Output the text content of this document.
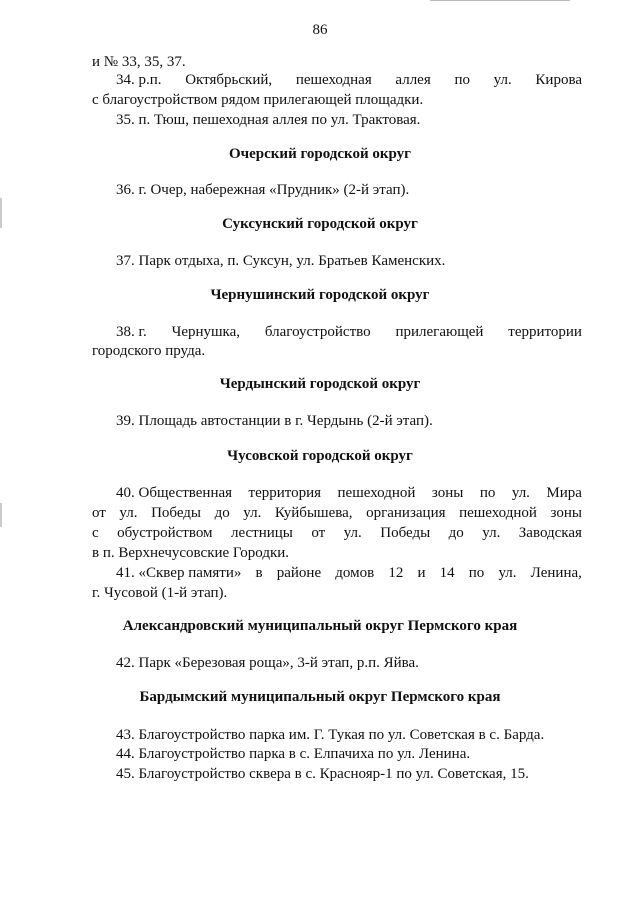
86
и № 33, 35, 37.
34. р.п. Октябрьский, пешеходная аллея по ул. Кирова
с благоустройством рядом прилегающей площадки.
35. п. Тюш, пешеходная аллея по ул. Трактовая.
Очерский городской округ
36. г. Очер, набережная «Прудник» (2-й этап).
Суксунский городской округ
37. Парк отдыха, п. Суксун, ул. Братьев Каменских.
Чернушинский городской округ
38. г. Чернушка, благоустройство прилегающей территории
городского пруда.
Чердынский городской округ
39. Площадь автостанции в г. Чердынь (2-й этап).
Чусовской городской округ
40. Общественная территория пешеходной зоны по ул. Мира
от ул. Победы до ул. Куйбышева, организация пешеходной зоны
с обустройством лестницы от ул. Победы до ул. Заводская
в п. Верхнечусовские Городки.
41. «Сквер памяти» в районе домов 12 и 14 по ул. Ленина,
г. Чусовой (1-й этап).
Александровский муниципальный округ Пермского края
42. Парк «Березовая роща», 3-й этап, р.п. Яйва.
Бардымский муниципальный округ Пермского края
43. Благоустройство парка им. Г. Тукая по ул. Советская в с. Барда.
44. Благоустройство парка в с. Елпачиха по ул. Ленина.
45. Благоустройство сквера в с. Краснояр-1 по ул. Советская, 15.
